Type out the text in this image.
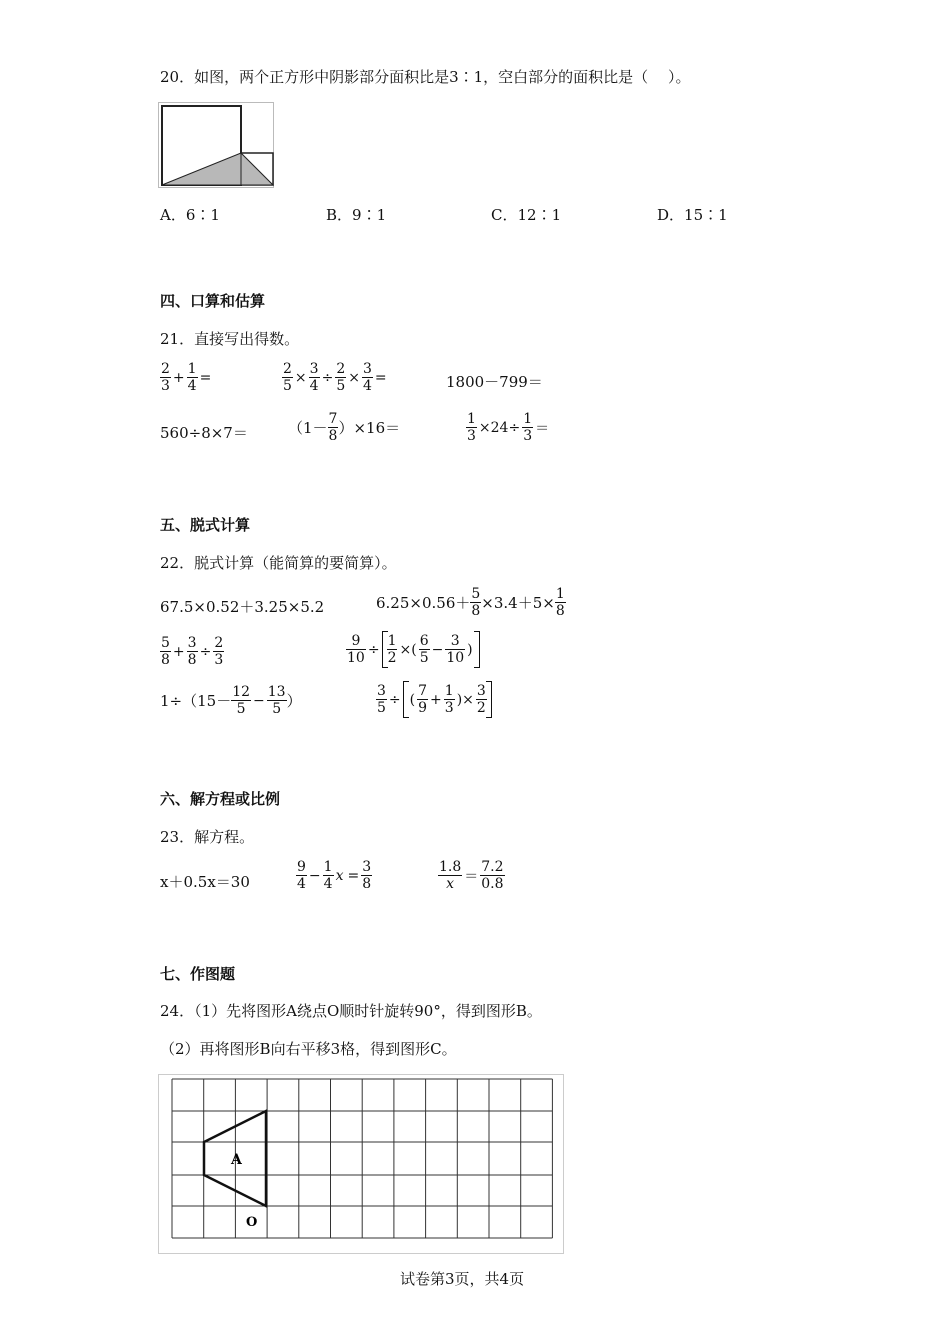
20．如图，两个正方形中阴影部分面积比是3∶1，空白部分的面积比是（　 ）。
A．6∶1	B．9∶1	C．12∶1	D．15∶1
四、口算和估算
21．直接写出得数。
$\frac{2}{3} + \frac{1}{4}$ =	$\frac{2}{5} \times \frac{3}{4} \div \frac{2}{5} \times \frac{3}{4}$ =	1800－799＝
560÷8×7＝	$(1- \frac{7}{8} )\times 16=$	$\frac{1}{3} \times 24\div \frac{1}{3}$ ＝
五、脱式计算
22．脱式计算（能简算的要简算）。
67.5×0.52＋3.25×5.2	$6.25\times 0.56+ \frac{5}{8} \times 3.4+5\times \frac{1}{8}$
$\frac{5}{8} + \frac{3}{8} \div \frac{2}{3}$	$\frac{9}{10} \div \frac{1}{2}$ ×( $\frac{6}{5} - \frac{3}{10}$ )
$1\div(15- \frac{12}{5} - \frac{13}{5}$ ）	$\frac{3}{5}$ ÷ ( $\frac{7}{9} + \frac{1}{3}$ )× $\frac{3}{2}$
六、解方程或比例
23．解方程。
x＋0.5x＝30	$\frac{9}{4} - \frac{1}{4}$ $x = \frac{3}{8}$	$\frac{1.8}{x} = \frac{7.2}{0.8}$
七、作图题
24．（1）先将图形A绕点O顺时针旋转90°，得到图形B。
（2）再将图形B向右平移3格，得到图形C。
A
O
试卷第3页，共4页
